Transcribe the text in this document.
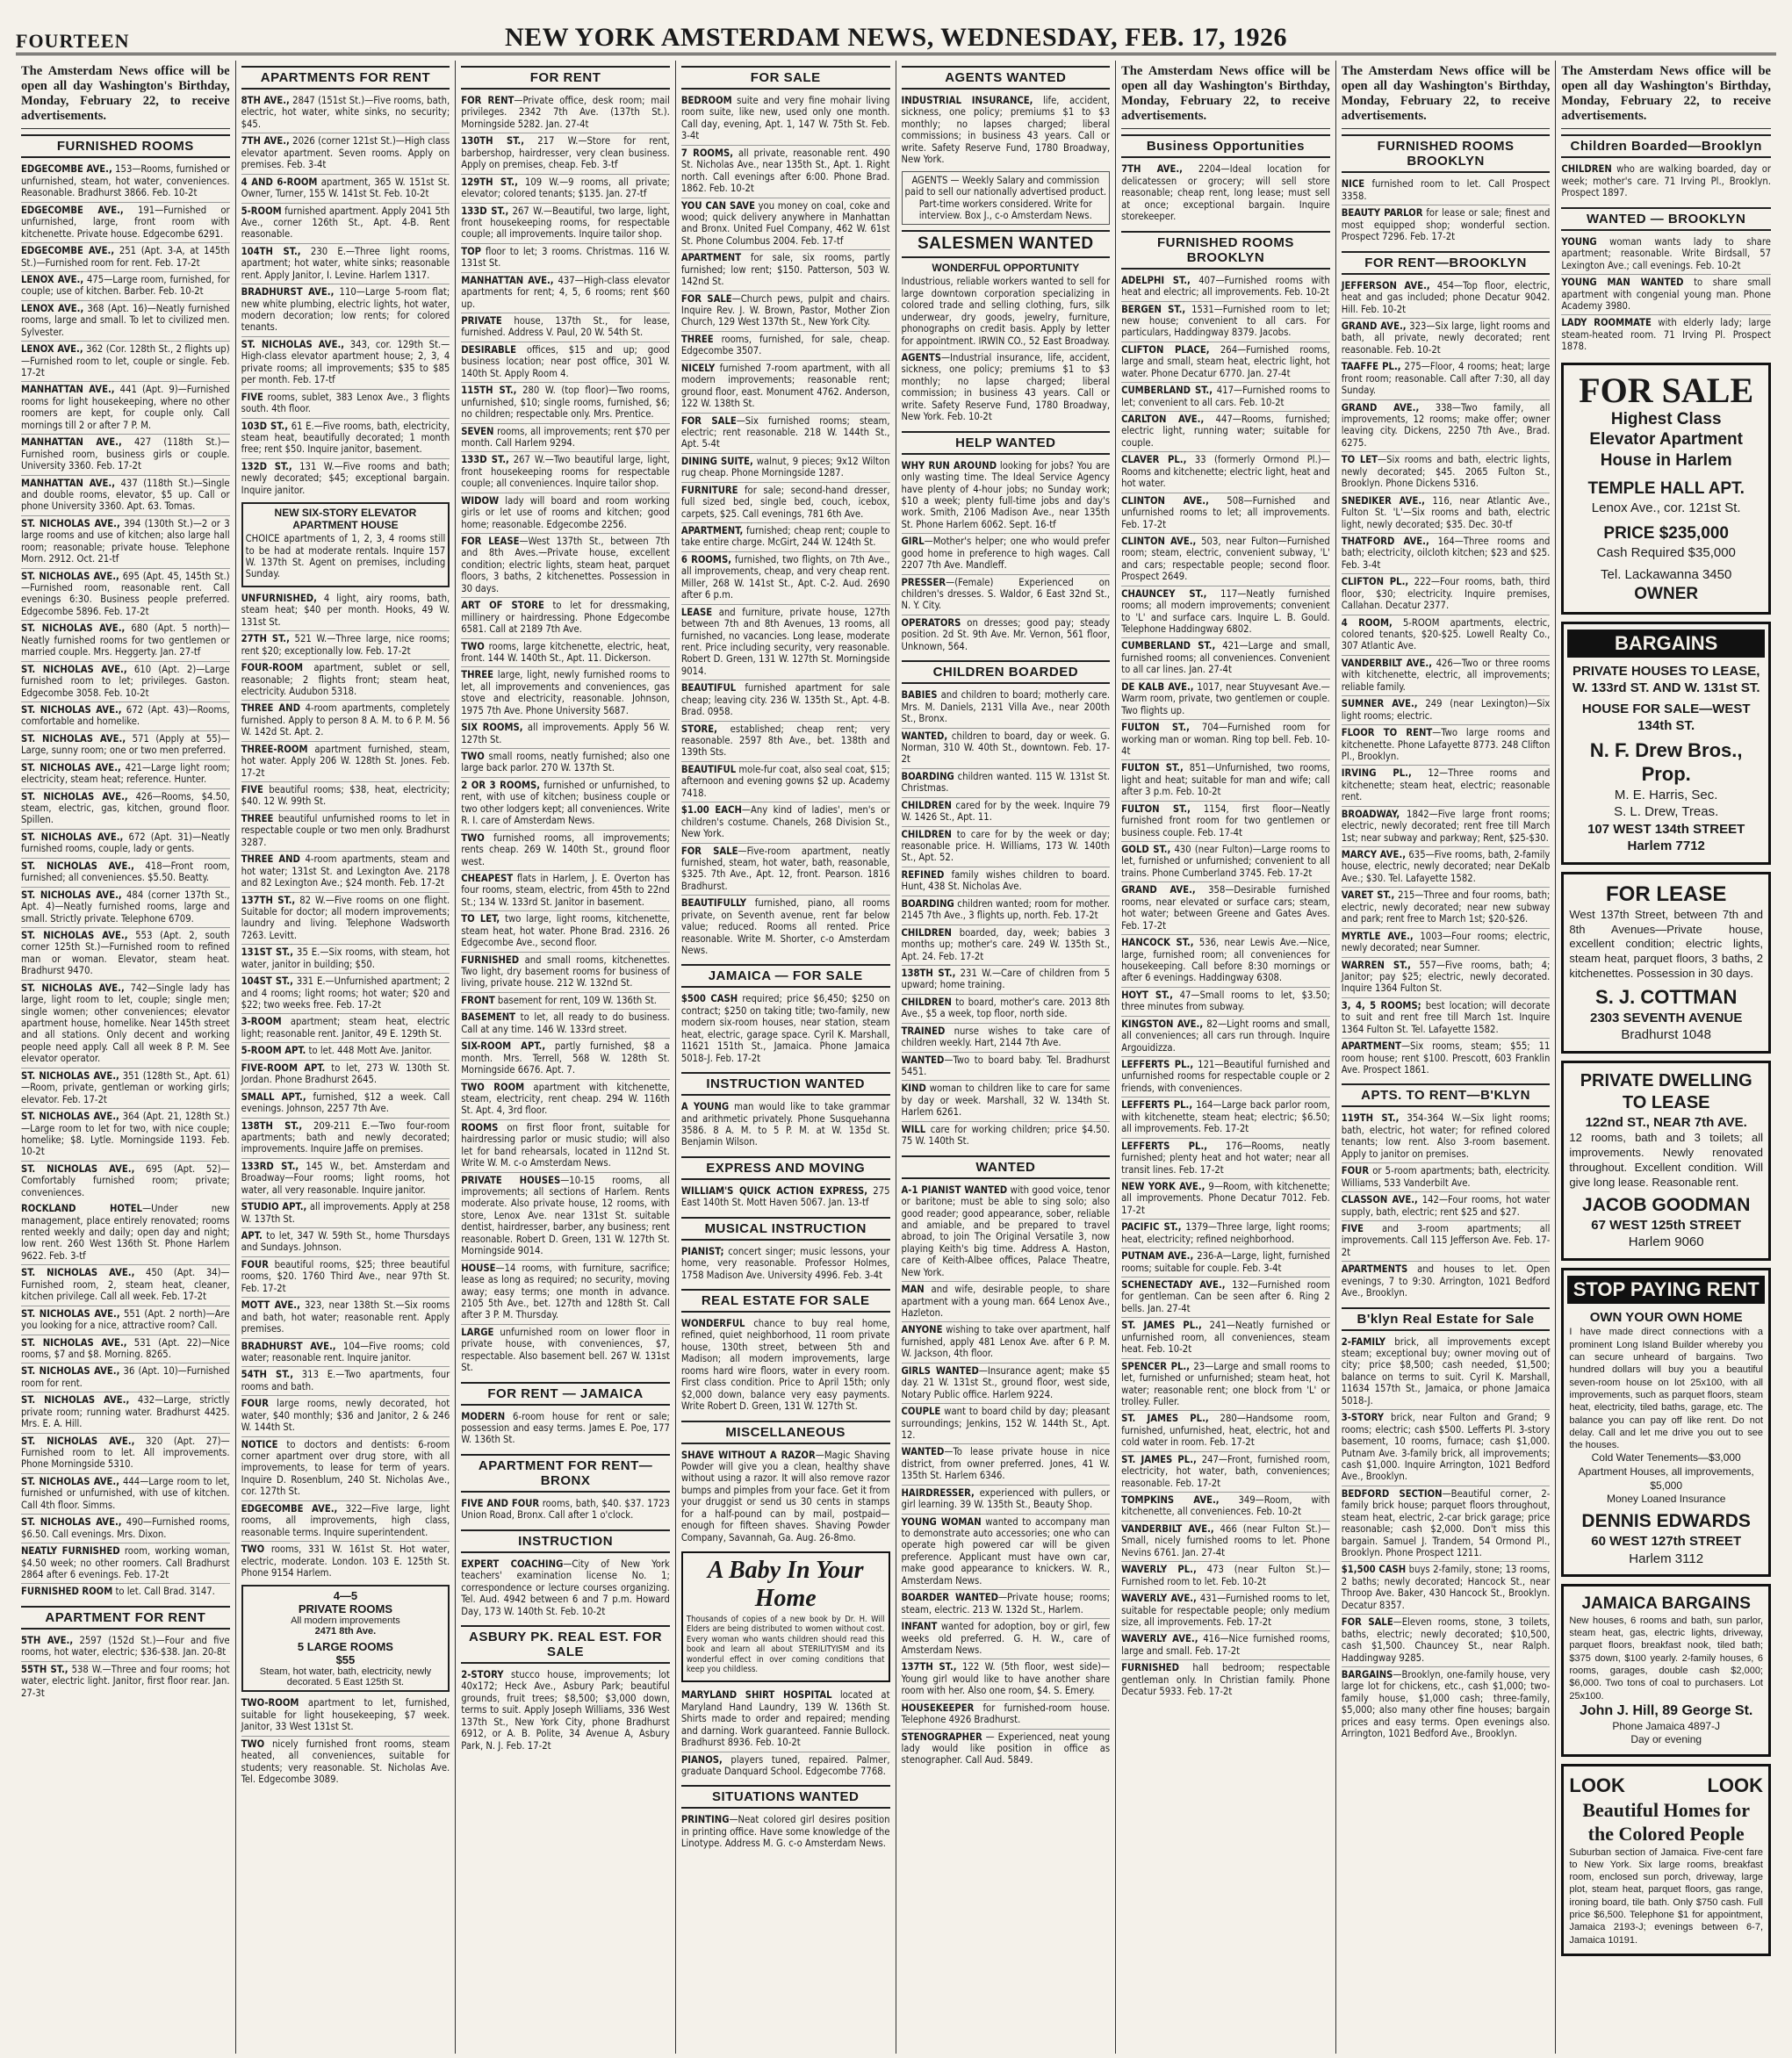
FOURTEEN	NEW YORK AMSTERDAM NEWS, WEDNESDAY, FEB. 17, 1926
The Amsterdam News office will be open all day Washington's Birthday, Monday, February 22, to receive advertisements.
FURNISHED ROOMS

EDGECOMBE AVE., 153—Rooms, furnished or unfurnished, steam, hot water, conveniences. Reasonable. Bradhurst 3866. Feb. 10-2t

EDGECOMBE AVE., 191—Furnished or unfurnished, large, front room with kitchenette. Private house. Edgecombe 6291.

EDGECOMBE AVE., 251 (Apt. 3-A, at 145th St.)—Furnished room for rent. Feb. 17-2t

LENOX AVE., 475—Large room, furnished, for couple; use of kitchen. Barber. Feb. 10-2t

LENOX AVE., 368 (Apt. 16)—Neatly furnished rooms, large and small. To let to civilized men. Sylvester.

LENOX AVE., 362 (Cor. 128th St., 2 flights up)—Furnished room to let, couple or single. Feb. 17-2t

MANHATTAN AVE., 441 (Apt. 9)—Furnished rooms for light housekeeping, where no other roomers are kept, for couple only. Call mornings till 2 or after 7 P. M.

MANHATTAN AVE., 427 (118th St.)—Furnished room, business girls or couple. University 3360. Feb. 17-2t

MANHATTAN AVE., 437 (118th St.)—Single and double rooms, elevator, $5 up. Call or phone University 3360. Apt. 63. Tomas.

ST. NICHOLAS AVE., 394 (130th St.)—2 or 3 large rooms and use of kitchen; also large hall room; reasonable; private house. Telephone Morn. 2912. Oct. 21-tf

ST. NICHOLAS AVE., 695 (Apt. 45, 145th St.)—Furnished room, reasonable rent. Call evenings 6:30. Business people preferred. Edgecombe 5896. Feb. 17-2t

ST. NICHOLAS AVE., 680 (Apt. 5 north)—Neatly furnished rooms for two gentlemen or married couple. Mrs. Heggerty. Jan. 27-tf

ST. NICHOLAS AVE., 610 (Apt. 2)—Large furnished room to let; privileges. Gaston. Edgecombe 3058. Feb. 10-2t

ST. NICHOLAS AVE., 672 (Apt. 43)—Rooms, comfortable and homelike.

ST. NICHOLAS AVE., 571 (Apply at 55)—Large, sunny room; one or two men preferred.

ST. NICHOLAS AVE., 421—Large light room; electricity, steam heat; reference. Hunter.

ST. NICHOLAS AVE., 426—Rooms, $4.50, steam, electric, gas, kitchen, ground floor. Spillen.

ST. NICHOLAS AVE., 672 (Apt. 31)—Neatly furnished rooms, couple, lady or gents.

ST. NICHOLAS AVE., 418—Front room, furnished; all conveniences. $5.50. Beatty.

ST. NICHOLAS AVE., 484 (corner 137th St., Apt. 4)—Neatly furnished rooms, large and small. Strictly private. Telephone 6709.

ST. NICHOLAS AVE., 553 (Apt. 2, south corner 125th St.)—Furnished room to refined man or woman. Elevator, steam heat. Bradhurst 9470.

ST. NICHOLAS AVE., 742—Single lady has large, light room to let, couple; single men; single women; other conveniences; elevator apartment house, homelike. Near 145th street and all stations. Only decent and working people need apply. Call all week 8 P. M. See elevator operator.

ST. NICHOLAS AVE., 351 (128th St., Apt. 61)—Room, private, gentleman or working girls; elevator. Feb. 17-2t

ST. NICHOLAS AVE., 364 (Apt. 21, 128th St.)—Large room to let for two, with nice couple; homelike; $8. Lytle. Morningside 1193. Feb. 10-2t

ST. NICHOLAS AVE., 695 (Apt. 52)—Comfortably furnished room; private; conveniences.

ROCKLAND HOTEL—Under new management, place entirely renovated; rooms rented weekly and daily; open day and night; low rent. 260 West 136th St. Phone Harlem 9622. Feb. 3-tf

ST. NICHOLAS AVE., 450 (Apt. 34)—Furnished room, 2, steam heat, cleaner, kitchen privilege. Call all week. Feb. 17-2t

ST. NICHOLAS AVE., 551 (Apt. 2 north)—Are you looking for a nice, attractive room? Call.

ST. NICHOLAS AVE., 531 (Apt. 22)—Nice rooms, $7 and $8. Morning. 8265.

ST. NICHOLAS AVE., 36 (Apt. 10)—Furnished room for rent.

ST. NICHOLAS AVE., 432—Large, strictly private room; running water. Bradhurst 4425. Mrs. E. A. Hill.

ST. NICHOLAS AVE., 320 (Apt. 27)—Furnished room to let. All improvements. Phone Morningside 5310.

ST. NICHOLAS AVE., 444—Large room to let, furnished or unfurnished, with use of kitchen. Call 4th floor. Simms.

ST. NICHOLAS AVE., 490—Furnished rooms, $6.50. Call evenings. Mrs. Dixon.

NEATLY FURNISHED room, working woman, $4.50 week; no other roomers. Call Bradhurst 2864 after 6 evenings. Feb. 17-2t

FURNISHED ROOM to let. Call Brad. 3147.

APARTMENT FOR RENT

5TH AVE., 2597 (152d St.)—Four and five rooms, hot water, electric; $36-$38. Jan. 20-8t

55TH ST., 538 W.—Three and four rooms; hot water, electric light. Janitor, first floor rear. Jan. 27-3t

APARTMENTS FOR RENT

8TH AVE., 2847 (151st St.)—Five rooms, bath, electric, hot water, white sinks, no security; $45.

7TH AVE., 2026 (corner 121st St.)—High class elevator apartment. Seven rooms. Apply on premises. Feb. 3-4t

4 AND 6-ROOM apartment, 365 W. 151st St. Owner, Turner, 155 W. 141st St. Feb. 10-2t

5-ROOM furnished apartment. Apply 2041 5th Ave., corner 126th St., Apt. 4-B. Rent reasonable.

104TH ST., 230 E.—Three light rooms, apartment; hot water, white sinks; reasonable rent. Apply Janitor, I. Levine. Harlem 1317.

BRADHURST AVE., 110—Large 5-room flat; new white plumbing, electric lights, hot water, modern decoration; low rents; for colored tenants.

ST. NICHOLAS AVE., 343, cor. 129th St.—High-class elevator apartment house; 2, 3, 4 private rooms; all improvements; $35 to $85 per month. Feb. 17-tf

FIVE rooms, sublet, 383 Lenox Ave., 3 flights south. 4th floor.

103D ST., 61 E.—Five rooms, bath, electricity, steam heat, beautifully decorated; 1 month free; rent $50. Inquire janitor, basement.

132D ST., 131 W.—Five rooms and bath; newly decorated; $45; exceptional bargain. Inquire janitor.

NEW SIX-STORY ELEVATOR APARTMENT HOUSE
CHOICE apartments of 1, 2, 3, 4 rooms still to be had at moderate rentals. Inquire 157 W. 137th St. Agent on premises, including Sunday.

UNFURNISHED, 4 light, airy rooms, bath, steam heat; $40 per month. Hooks, 49 W. 131st St.

27TH ST., 521 W.—Three large, nice rooms; rent $20; exceptionally low. Feb. 17-2t

FOUR-ROOM apartment, sublet or sell, reasonable; 2 flights front; steam heat, electricity. Audubon 5318.

THREE AND 4-room apartments, completely furnished. Apply to person 8 A. M. to 6 P. M. 56 W. 142d St. Apt. 2.

THREE-ROOM apartment furnished, steam, hot water. Apply 206 W. 128th St. Jones. Feb. 17-2t

FIVE beautiful rooms; $38, heat, electricity; $40. 12 W. 99th St.

THREE beautiful unfurnished rooms to let in respectable couple or two men only. Bradhurst 3287.

THREE AND 4-room apartments, steam and hot water; 131st St. and Lexington Ave. 2178 and 82 Lexington Ave.; $24 month. Feb. 17-2t

137TH ST., 82 W.—Five rooms on one flight. Suitable for doctor; all modern improvements; laundry and living. Telephone Wadsworth 7263. Levitt.

131ST ST., 35 E.—Six rooms, with steam, hot water, janitor in building; $50.

104ST ST., 331 E.—Unfurnished apartment; 2 and 4 rooms; light rooms; hot water; $20 and $22; two weeks free. Feb. 17-2t

3-ROOM apartment; steam heat, electric light; reasonable rent. Janitor, 49 E. 129th St.

5-ROOM APT. to let. 448 Mott Ave. Janitor.

FIVE-ROOM APT. to let, 273 W. 130th St. Jordan. Phone Bradhurst 2645.

SMALL APT., furnished, $12 a week. Call evenings. Johnson, 2257 7th Ave.

138TH ST., 209-211 E.—Two four-room apartments; bath and newly decorated; improvements. Inquire Jaffe on premises.

133RD ST., 145 W., bet. Amsterdam and Broadway—Four rooms; light rooms, hot water, all very reasonable. Inquire janitor.

STUDIO APT., all improvements. Apply at 258 W. 137th St.

APT. to let, 347 W. 59th St., home Thursdays and Sundays. Johnson.

FOUR beautiful rooms, $25; three beautiful rooms, $20. 1760 Third Ave., near 97th St. Feb. 17-2t

MOTT AVE., 323, near 138th St.—Six rooms and bath, hot water; reasonable rent. Apply premises.

BRADHURST AVE., 104—Five rooms; cold water; reasonable rent. Inquire janitor.

54TH ST., 313 E.—Two apartments, four rooms and bath.

FOUR large rooms, newly decorated, hot water, $40 monthly; $36 and Janitor, 2 & 246 W. 144th St.

NOTICE to doctors and dentists: 6-room corner apartment over drug store, with all improvements, to lease for term of years. Inquire D. Rosenblum, 240 St. Nicholas Ave., cor. 127th St.

EDGECOMBE AVE., 322—Five large, light rooms, all improvements, high class, reasonable terms. Inquire superintendent.

TWO rooms, 331 W. 161st St. Hot water, electric, moderate. London. 103 E. 125th St. Phone 9154 Harlem.

4—5
PRIVATE ROOMS
All modern improvements
2471 8th Ave.
5 LARGE ROOMS
$55
Steam, hot water, bath, electricity, newly decorated. 5 East 125th St.

TWO-ROOM apartment to let, furnished, suitable for light housekeeping, $7 week. Janitor, 33 West 131st St.

TWO nicely furnished front rooms, steam heated, all conveniences, suitable for students; very reasonable. St. Nicholas Ave. Tel. Edgecombe 3089.

FOR RENT

FOR RENT—Private office, desk room; mail privileges. 2342 7th Ave. (137th St.). Morningside 5282. Jan. 27-4t

130TH ST., 217 W.—Store for rent, barbershop, hairdresser, very clean business. Apply on premises, cheap. Feb. 3-tf

129TH ST., 109 W.—9 rooms, all private; elevator; colored tenants; $135. Jan. 27-tf

133D ST., 267 W.—Beautiful, two large, light, front housekeeping rooms, for respectable couple; all improvements. Inquire tailor shop.

TOP floor to let; 3 rooms. Christmas. 116 W. 131st St.

MANHATTAN AVE., 437—High-class elevator apartments for rent; 4, 5, 6 rooms; rent $60 up.

PRIVATE house, 137th St., for lease, furnished. Address V. Paul, 20 W. 54th St.

DESIRABLE offices, $15 and up; good business location; near post office, 301 W. 140th St. Apply Room 4.

115TH ST., 280 W. (top floor)—Two rooms, unfurnished, $10; single rooms, furnished, $6; no children; respectable only. Mrs. Prentice.

SEVEN rooms, all improvements; rent $70 per month. Call Harlem 9294.

133D ST., 267 W.—Two beautiful large, light, front housekeeping rooms for respectable couple; all conveniences. Inquire tailor shop.

WIDOW lady will board and room working girls or let use of rooms and kitchen; good home; reasonable. Edgecombe 2256.

FOR LEASE—West 137th St., between 7th and 8th Aves.—Private house, excellent condition; electric lights, steam heat, parquet floors, 3 baths, 2 kitchenettes. Possession in 30 days.

ART OF STORE to let for dressmaking, millinery or hairdressing. Phone Edgecombe 6581. Call at 2189 7th Ave.

TWO rooms, large kitchenette, electric, heat, front. 144 W. 140th St., Apt. 11. Dickerson.

THREE large, light, newly furnished rooms to let, all improvements and conveniences, gas stove and electricity, reasonable. Johnson, 1975 7th Ave. Phone University 5687.

SIX ROOMS, all improvements. Apply 56 W. 127th St.

TWO small rooms, neatly furnished; also one large back parlor. 270 W. 137th St.

2 OR 3 ROOMS, furnished or unfurnished, to rent, with use of kitchen; business couple or two other lodgers kept; all conveniences. Write R. I. care of Amsterdam News.

TWO furnished rooms, all improvements; rents cheap. 269 W. 140th St., ground floor west.

CHEAPEST flats in Harlem, J. E. Overton has four rooms, steam, electric, from 45th to 22nd St.; 134 W. 133rd St. Janitor in basement.

TO LET, two large, light rooms, kitchenette, steam heat, hot water. Phone Brad. 2316. 26 Edgecombe Ave., second floor.

FURNISHED and small rooms, kitchenettes. Two light, dry basement rooms for business of living, private house. 212 W. 132nd St.

FRONT basement for rent, 109 W. 136th St.

BASEMENT to let, all ready to do business. Call at any time. 146 W. 133rd street.

SIX-ROOM APT., partly furnished, $8 a month. Mrs. Terrell, 568 W. 128th St. Morningside 6676. Apt. 7.

TWO ROOM apartment with kitchenette, steam, electricity, rent cheap. 294 W. 116th St. Apt. 4, 3rd floor.

ROOMS on first floor front, suitable for hairdressing parlor or music studio; will also let for band rehearsals, located in 112nd St. Write W. M. c-o Amsterdam News.

PRIVATE HOUSES—10-15 rooms, all improvements; all sections of Harlem. Rents moderate. Also private house, 12 rooms, with store, Lenox Ave. near 131st St. suitable dentist, hairdresser, barber, any business; rent reasonable. Robert D. Green, 131 W. 127th St. Morningside 9014.

HOUSE—14 rooms, with furniture, sacrifice; lease as long as required; no security, moving away; easy terms; one month in advance. 2105 5th Ave., bet. 127th and 128th St. Call after 3 P. M. Thursday.

LARGE unfurnished room on lower floor in private house, with conveniences, $7, respectable. Also basement bell. 267 W. 131st St.

FOR RENT — JAMAICA

MODERN 6-room house for rent or sale; possession and easy terms. James E. Poe, 177 W. 136th St.

APARTMENT FOR RENT—BRONX

FIVE AND FOUR rooms, bath, $40. $37. 1723 Union Road, Bronx. Call after 1 o'clock.

INSTRUCTION

EXPERT COACHING—City of New York teachers' examination license No. 1; correspondence or lecture courses organizing. Tel. Aud. 4942 between 6 and 7 p.m. Howard Day, 173 W. 140th St. Feb. 10-2t

ASBURY PK. REAL EST. FOR SALE

2-STORY stucco house, improvements; lot 40x172; Heck Ave., Asbury Park; beautiful grounds, fruit trees; $8,500; $3,000 down, terms to suit. Apply Joseph Williams, 336 West 137th St., New York City, phone Bradhurst 6912, or A. B. Polite, 34 Avenue A, Asbury Park, N. J. Feb. 17-2t

FOR SALE

BEDROOM suite and very fine mohair living room suite, like new, used only one month. Call day, evening, Apt. 1, 147 W. 75th St. Feb. 3-4t

7 ROOMS, all private, reasonable rent. 490 St. Nicholas Ave., near 135th St., Apt. 1. Right north. Call evenings after 6:00. Phone Brad. 1862. Feb. 10-2t

YOU CAN SAVE you money on coal, coke and wood; quick delivery anywhere in Manhattan and Bronx. United Fuel Company, 462 W. 61st St. Phone Columbus 2004. Feb. 17-tf

APARTMENT for sale, six rooms, partly furnished; low rent; $150. Patterson, 503 W. 142nd St.

FOR SALE—Church pews, pulpit and chairs. Inquire Rev. J. W. Brown, Pastor, Mother Zion Church, 129 West 137th St., New York City.

THREE rooms, furnished, for sale, cheap. Edgecombe 3507.

NICELY furnished 7-room apartment, with all modern improvements; reasonable rent; ground floor, east. Monument 4762. Anderson, 122 W. 138th St.

FOR SALE—Six furnished rooms; steam, electric; rent reasonable. 218 W. 144th St., Apt. 5-4t

DINING SUITE, walnut, 9 pieces; 9x12 Wilton rug cheap. Phone Morningside 1287.

FURNITURE for sale; second-hand dresser, full sized bed, single bed, couch, icebox, carpets, $25. Call evenings, 781 6th Ave.

APARTMENT, furnished; cheap rent; couple to take entire charge. McGirt, 244 W. 124th St.

6 ROOMS, furnished, two flights, on 7th Ave., all improvements, cheap, and very cheap rent. Miller, 268 W. 141st St., Apt. C-2. Aud. 2690 after 6 p.m.

LEASE and furniture, private house, 127th between 7th and 8th Avenues, 13 rooms, all furnished, no vacancies. Long lease, moderate rent. Price including security, very reasonable. Robert D. Green, 131 W. 127th St. Morningside 9014.

BEAUTIFUL furnished apartment for sale cheap; leaving city. 236 W. 135th St., Apt. 4-B. Brad. 0958.

STORE, established; cheap rent; very reasonable. 2597 8th Ave., bet. 138th and 139th Sts.

BEAUTIFUL mole-fur coat, also seal coat, $15; afternoon and evening gowns $2 up. Academy 7418.

$1.00 EACH—Any kind of ladies', men's or children's costume. Chanels, 268 Division St., New York.

FOR SALE—Five-room apartment, neatly furnished, steam, hot water, bath, reasonable, $325. 7th Ave., Apt. 12, front. Pearson. 1816 Bradhurst.

BEAUTIFULLY furnished, piano, all rooms private, on Seventh avenue, rent far below value; reduced. Rooms all rented. Price reasonable. Write M. Shorter, c-o Amsterdam News.

JAMAICA — FOR SALE

$500 CASH required; price $6,450; $250 on contract; $250 on taking title; two-family, new modern six-room houses, near station, steam heat, electric, garage space. Cyril K. Marshall, 11621 151th St., Jamaica. Phone Jamaica 5018-J. Feb. 17-2t

INSTRUCTION WANTED

A YOUNG man would like to take grammar and arithmetic privately. Phone Susquehanna 3586. 8 A. M. to 5 P. M. at W. 135d St. Benjamin Wilson.

EXPRESS AND MOVING

WILLIAM'S QUICK ACTION EXPRESS, 275 East 140th St. Mott Haven 5067. Jan. 13-tf

MUSICAL INSTRUCTION

PIANIST; concert singer; music lessons, your home, very reasonable. Professor Holmes, 1758 Madison Ave. University 4996. Feb. 3-4t

REAL ESTATE FOR SALE

WONDERFUL chance to buy real home, refined, quiet neighborhood, 11 room private house, 130th street, between 5th and Madison; all modern improvements, large rooms hard wire floors, water in every room. First class condition. Price to April 15th; only $2,000 down, balance very easy payments. Write Robert D. Green, 131 W. 127th St.

MISCELLANEOUS

SHAVE WITHOUT A RAZOR—Magic Shaving Powder will give you a clean, healthy shave without using a razor. It will also remove razor bumps and pimples from your face. Get it from your druggist or send us 30 cents in stamps for a half-pound can by mail, postpaid—enough for fifteen shaves. Shaving Powder Company, Savannah, Ga. Aug. 26-8mo.

A Baby In Your Home
Thousands of copies of a new book by Dr. H. Will Elders are being distributed to women without cost. Every woman who wants children should read this book and learn all about STERILITYISM and its wonderful effect in over coming conditions that keep you childless.

MARYLAND SHIRT HOSPITAL located at Maryland Hand Laundry, 139 W. 136th St. Shirts made to order and repaired; mending and darning. Work guaranteed. Fannie Bullock. Bradhurst 8936. Feb. 10-2t

PIANOS, players tuned, repaired. Palmer, graduate Danquard School. Edgecombe 7768.

SITUATIONS WANTED

PRINTING—Neat colored girl desires position in printing office. Have some knowledge of the Linotype. Address M. G. c-o Amsterdam News.

AGENTS WANTED

INDUSTRIAL INSURANCE, life, accident, sickness, one policy; premiums $1 to $3 monthly; no lapses charged; liberal commissions; in business 43 years. Call or write. Safety Reserve Fund, 1780 Broadway, New York.

AGENTS — Weekly Salary and commission paid to sell our nationally advertised product. Part-time workers considered. Write for interview. Box J., c-o Amsterdam News.
SALESMEN WANTED
WONDERFUL OPPORTUNITY

Industrious, reliable workers wanted to sell for large downtown corporation specializing in colored trade and selling clothing, furs, silk underwear, dry goods, jewelry, furniture, phonographs on credit basis. Apply by letter for appointment. IRWIN CO., 52 East Broadway.

AGENTS—Industrial insurance, life, accident, sickness, one policy; premiums $1 to $3 monthly; no lapse charged; liberal commission; in business 43 years. Call or write. Safety Reserve Fund, 1780 Broadway, New York. Feb. 10-2t

HELP WANTED

WHY RUN AROUND looking for jobs? You are only wasting time. The Ideal Service Agency have plenty of 4-hour jobs; no Sunday work; $10 a week; plenty full-time jobs and day's work. Smith, 2106 Madison Ave., near 135th St. Phone Harlem 6062. Sept. 16-tf

GIRL—Mother's helper; one who would prefer good home in preference to high wages. Call 2207 7th Ave. Mandleff.

PRESSER—(Female) Experienced on children's dresses. S. Waldor, 6 East 32nd St., N. Y. City.

OPERATORS on dresses; good pay; steady position. 2d St. 9th Ave. Mr. Vernon, 561 floor, Unknown, 564.

CHILDREN BOARDED

BABIES and children to board; motherly care. Mrs. M. Daniels, 2131 Villa Ave., near 200th St., Bronx.

WANTED, children to board, day or week. G. Norman, 310 W. 40th St., downtown. Feb. 17-2t

BOARDING children wanted. 115 W. 131st St. Christmas.

CHILDREN cared for by the week. Inquire 79 W. 1426 St., Apt. 11.

CHILDREN to care for by the week or day; reasonable price. H. Williams, 173 W. 140th St., Apt. 52.

REFINED family wishes children to board. Hunt, 438 St. Nicholas Ave.

BOARDING children wanted; room for mother. 2145 7th Ave., 3 flights up, north. Feb. 17-2t

CHILDREN boarded, day, week; babies 3 months up; mother's care. 249 W. 135th St., Apt. 24. Feb. 17-2t

138TH ST., 231 W.—Care of children from 5 upward; home training.

CHILDREN to board, mother's care. 2013 8th Ave., $5 a week, top floor, north side.

TRAINED nurse wishes to take care of children weekly. Hart, 2144 7th Ave.

WANTED—Two to board baby. Tel. Bradhurst 5451.

KIND woman to children like to care for same by day or week. Marshall, 32 W. 134th St. Harlem 6261.

WILL care for working children; price $4.50. 75 W. 140th St.

WANTED

A-1 PIANIST WANTED with good voice, tenor or baritone; must be able to sing solo; also good reader; good appearance, sober, reliable and amiable, and be prepared to travel abroad, to join The Original Versatile 3, now playing Keith's big time. Address A. Haston, care of Keith-Albee offices, Palace Theatre, New York.

MAN and wife, desirable people, to share apartment with a young man. 664 Lenox Ave., Hazleton.

ANYONE wishing to take over apartment, half furnished, apply 481 Lenox Ave. after 6 P. M. W. Jackson, 4th floor.

GIRLS WANTED—Insurance agent; make $5 day. 21 W. 131st St., ground floor, west side, Notary Public office. Harlem 9224.

COUPLE want to board child by day; pleasant surroundings; Jenkins, 152 W. 144th St., Apt. 12.

WANTED—To lease private house in nice district, from owner preferred. Jones, 41 W. 135th St. Harlem 6346.

HAIRDRESSER, experienced with pullers, or girl learning. 39 W. 135th St., Beauty Shop.

YOUNG WOMAN wanted to accompany man to demonstrate auto accessories; one who can operate high powered car will be given preference. Applicant must have own car, make good appearance to knickers. W. R., Amsterdam News.

BOARDER WANTED—Private house; rooms; steam, electric. 213 W. 132d St., Harlem.

INFANT wanted for adoption, boy or girl, few weeks old preferred. G. H. W., care of Amsterdam News.

137TH ST., 122 W. (5th floor, west side)—Young girl would like to have another share room with her. Also one room, $4. S. Emery.

HOUSEKEEPER for furnished-room house. Telephone 4926 Bradhurst.

STENOGRAPHER — Experienced, neat young lady would like position in office as stenographer. Call Aud. 5849.

The Amsterdam News office will be open all day Washington's Birthday, Monday, February 22, to receive advertisements.
Business Opportunities

7TH AVE., 2204—Ideal location for delicatessen or grocery; will sell store reasonable; cheap rent, long lease; must sell at once; exceptional bargain. Inquire storekeeper.

FURNISHED ROOMS BROOKLYN

ADELPHI ST., 407—Furnished rooms with heat and electric; all improvements. Feb. 10-2t

BERGEN ST., 1531—Furnished room to let; new house; convenient to all cars. For particulars, Haddingway 8379. Jacobs.

CLIFTON PLACE, 264—Furnished rooms, large and small, steam heat, electric light, hot water. Phone Decatur 6770. Jan. 27-4t

CUMBERLAND ST., 417—Furnished rooms to let; convenient to all cars. Feb. 10-2t

CARLTON AVE., 447—Rooms, furnished; electric light, running water; suitable for couple.

CLAVER PL., 33 (formerly Ormond Pl.)—Rooms and kitchenette; electric light, heat and hot water.

CLINTON AVE., 508—Furnished and unfurnished rooms to let; all improvements. Feb. 17-2t

CLINTON AVE., 503, near Fulton—Furnished room; steam, electric, convenient subway, 'L' and cars; respectable people; second floor. Prospect 2649.

CHAUNCEY ST., 117—Neatly furnished rooms; all modern improvements; convenient to 'L' and surface cars. Inquire L. B. Gould. Telephone Haddingway 6802.

CUMBERLAND ST., 421—Large and small, furnished rooms; all conveniences. Convenient to all car lines. Jan. 27-4t

DE KALB AVE., 1017, near Stuyvesant Ave.—Warm room, private, two gentlemen or couple. Two flights up.

FULTON ST., 704—Furnished room for working man or woman. Ring top bell. Feb. 10-4t

FULTON ST., 851—Unfurnished, two rooms, light and heat; suitable for man and wife; call after 3 p.m. Feb. 10-2t

FULTON ST., 1154, first floor—Neatly furnished front room for two gentlemen or business couple. Feb. 17-4t

GOLD ST., 430 (near Fulton)—Large rooms to let, furnished or unfurnished; convenient to all trains. Phone Cumberland 3745. Feb. 17-2t

GRAND AVE., 358—Desirable furnished rooms, near elevated or surface cars; steam, hot water; between Greene and Gates Aves. Feb. 17-2t

HANCOCK ST., 536, near Lewis Ave.—Nice, large, furnished room; all conveniences for housekeeping. Call before 8:30 mornings or after 6 evenings. Haddingway 6308.

HOYT ST., 47—Small rooms to let, $3.50; three minutes from subway.

KINGSTON AVE., 82—Light rooms and small, all conveniences; all cars run through. Inquire Argouidizza.

LEFFERTS PL., 121—Beautiful furnished and unfurnished rooms for respectable couple or 2 friends, with conveniences.

LEFFERTS PL., 164—Large back parlor room, with kitchenette, steam heat; electric; $6.50; all improvements. Feb. 17-2t

LEFFERTS PL., 176—Rooms, neatly furnished; plenty heat and hot water; near all transit lines. Feb. 17-2t

NEW YORK AVE., 9—Room, with kitchenette; all improvements. Phone Decatur 7012. Feb. 17-2t

PACIFIC ST., 1379—Three large, light rooms; heat, electricity; refined neighborhood.

PUTNAM AVE., 236-A—Large, light, furnished rooms; suitable for couple. Feb. 3-4t

SCHENECTADY AVE., 132—Furnished room for gentleman. Can be seen after 6. Ring 2 bells. Jan. 27-4t

ST. JAMES PL., 241—Neatly furnished or unfurnished room, all conveniences, steam heat. Feb. 10-2t

SPENCER PL., 23—Large and small rooms to let, furnished or unfurnished; steam heat, hot water; reasonable rent; one block from 'L' or trolley. Fuller.

ST. JAMES PL., 280—Handsome room, furnished, unfurnished, heat, electric, hot and cold water in room. Feb. 17-2t

ST. JAMES PL., 247—Front, furnished room, electricity, hot water, bath, conveniences; reasonable. Feb. 17-2t

TOMPKINS AVE., 349—Room, with kitchenette, all conveniences. Feb. 10-2t

VANDERBILT AVE., 466 (near Fulton St.)—Small, nicely furnished rooms to let. Phone Nevins 6761. Jan. 27-4t

WAVERLY PL., 473 (near Fulton St.)—Furnished room to let. Feb. 10-2t

WAVERLY AVE., 431—Furnished rooms to let, suitable for respectable people; only medium size, all improvements. Feb. 17-2t

WAVERLY AVE., 416—Nice furnished rooms, large and small. Feb. 17-2t

FURNISHED hall bedroom; respectable gentleman only. In Christian family. Phone Decatur 5933. Feb. 17-2t

The Amsterdam News office will be open all day Washington's Birthday, Monday, February 22, to receive advertisements.
FURNISHED ROOMS BROOKLYN

NICE furnished room to let. Call Prospect 3358.

BEAUTY PARLOR for lease or sale; finest and most equipped shop; wonderful section. Prospect 7296. Feb. 17-2t

FOR RENT—BROOKLYN

JEFFERSON AVE., 454—Top floor, electric, heat and gas included; phone Decatur 9042. Hill. Feb. 10-2t

GRAND AVE., 323—Six large, light rooms and bath, all private, newly decorated; rent reasonable. Feb. 10-2t

TAAFFE PL., 275—Floor, 4 rooms; heat; large front room; reasonable. Call after 7:30, all day Sunday.

GRAND AVE., 338—Two family, all improvements, 12 rooms; make offer; owner leaving city. Dickens, 2250 7th Ave., Brad. 6275.

TO LET—Six rooms and bath, electric lights, newly decorated; $45. 2065 Fulton St., Brooklyn. Phone Dickens 5316.

SNEDIKER AVE., 116, near Atlantic Ave., Fulton St. 'L'—Six rooms and bath, electric light, newly decorated; $35. Dec. 30-tf

THATFORD AVE., 164—Three rooms and bath; electricity, oilcloth kitchen; $23 and $25. Feb. 3-4t

CLIFTON PL., 222—Four rooms, bath, third floor, $30; electricity. Inquire premises, Callahan. Decatur 2377.

4 ROOM, 5-ROOM apartments, electric, colored tenants, $20-$25. Lowell Realty Co., 307 Atlantic Ave.

VANDERBILT AVE., 426—Two or three rooms with kitchenette, electric, all improvements; reliable family.

SUMNER AVE., 249 (near Lexington)—Six light rooms; electric.

FLOOR TO RENT—Two large rooms and kitchenette. Phone Lafayette 8773. 248 Clifton Pl., Brooklyn.

IRVING PL., 12—Three rooms and kitchenette; steam heat, electric; reasonable rent.

BROADWAY, 1842—Five large front rooms; electric, newly decorated; rent free till March 1st; near subway and parkway; Rent, $25-$30.

MARCY AVE., 635—Five rooms, bath, 2-family house, electric, newly decorated; near DeKalb Ave.; $30. Tel. Lafayette 1582.

VARET ST., 215—Three and four rooms, bath; electric, newly decorated; near new subway and park; rent free to March 1st; $20-$26.

MYRTLE AVE., 1003—Four rooms; electric, newly decorated; near Sumner.

WARREN ST., 557—Five rooms, bath; 4; Janitor; pay $25; electric, newly decorated. Inquire 1364 Fulton St.

3, 4, 5 ROOMS; best location; will decorate to suit and rent free till March 1st. Inquire 1364 Fulton St. Tel. Lafayette 1582.

APARTMENT—Six rooms, steam; $55; 11 room house; rent $100. Prescott, 603 Franklin Ave. Prospect 1861.

APTS. TO RENT—B'KLYN

119TH ST., 354-364 W.—Six light rooms; bath, electric, hot water; for refined colored tenants; low rent. Also 3-room basement. Apply to janitor on premises.

FOUR or 5-room apartments; bath, electricity. Williams, 533 Vanderbilt Ave.

CLASSON AVE., 142—Four rooms, hot water supply, bath, electric; rent $25 and $27.

FIVE and 3-room apartments; all improvements. Call 115 Jefferson Ave. Feb. 17-2t

APARTMENTS and houses to let. Open evenings, 7 to 9:30. Arrington, 1021 Bedford Ave., Brooklyn.

B'klyn Real Estate for Sale

2-FAMILY brick, all improvements except steam; exceptional buy; owner moving out of city; price $8,500; cash needed, $1,500; balance on terms to suit. Cyril K. Marshall, 11634 157th St., Jamaica, or phone Jamaica 5018-J.

3-STORY brick, near Fulton and Grand; 9 rooms; electric; cash $500. Lefferts Pl. 3-story basement, 10 rooms, furnace; cash $1,000. Putnam Ave. 3-family brick, all improvements; cash $1,000. Inquire Arrington, 1021 Bedford Ave., Brooklyn.

BEDFORD SECTION—Beautiful corner, 2-family brick house; parquet floors throughout, steam heat, electric, 2-car brick garage; price reasonable; cash $2,000. Don't miss this bargain. Samuel J. Trandem, 54 Ormond Pl., Brooklyn. Phone Prospect 1211.

$1,500 CASH buys 2-family, stone; 13 rooms, 2 baths; newly decorated; Hancock St., near Throop Ave. Baker, 430 Hancock St., Brooklyn. Decatur 8357.

FOR SALE—Eleven rooms, stone, 3 toilets, baths, electric; newly decorated; $10,500, cash $1,500. Chauncey St., near Ralph. Haddingway 9285.

BARGAINS—Brooklyn, one-family house, very large lot for chickens, etc., cash $1,000; two-family house, $1,000 cash; three-family, $5,000; also many other fine houses; bargain prices and easy terms. Open evenings also. Arrington, 1021 Bedford Ave., Brooklyn.

The Amsterdam News office will be open all day Washington's Birthday, Monday, February 22, to receive advertisements.
Children Boarded—Brooklyn

CHILDREN who are walking boarded, day or week; mother's care. 71 Irving Pl., Brooklyn. Prospect 1897.

WANTED — BROOKLYN

YOUNG woman wants lady to share apartment; reasonable. Write Birdsall, 57 Lexington Ave.; call evenings. Feb. 10-2t

YOUNG MAN WANTED to share small apartment with congenial young man. Phone Academy 3980.

LADY ROOMMATE with elderly lady; large steam-heated room. 71 Irving Pl. Prospect 1878.

FOR SALE
Highest Class
Elevator Apartment
House in Harlem
TEMPLE HALL APT.
Lenox Ave., cor. 121st St.
PRICE $235,000
Cash Required $35,000
Tel. Lackawanna 3450
OWNER
BARGAINS
PRIVATE HOUSES TO LEASE, W. 133rd ST. AND W. 131st ST.
HOUSE FOR SALE—WEST 134th ST.
N. F. Drew Bros., Prop.
M. E. Harris, Sec.
S. L. Drew, Treas.
107 WEST 134th STREET
Harlem 7712
FOR LEASE
West 137th Street, between 7th and 8th Avenues—Private house, excellent condition; electric lights, steam heat, parquet floors, 3 baths, 2 kitchenettes. Possession in 30 days.
S. J. COTTMAN
2303 SEVENTH AVENUE
Bradhurst 1048
PRIVATE DWELLING TO LEASE
122nd ST., NEAR 7th AVE.
12 rooms, bath and 3 toilets; all improvements. Newly renovated throughout. Excellent condition. Will give long lease. Reasonable rent.
JACOB GOODMAN
67 WEST 125th STREET
Harlem 9060
STOP PAYING RENT
OWN YOUR OWN HOME
I have made direct connections with a prominent Long Island Builder whereby you can secure unheard of bargains. Two hundred dollars will buy you a beautiful seven-room house on lot 25x100, with all improvements, such as parquet floors, steam heat, electricity, tiled baths, garage, etc. The balance you can pay off like rent. Do not delay. Call and let me drive you out to see the houses.
Cold Water Tenements—$3,000
Apartment Houses, all improvements, $5,000
Money Loaned Insurance
DENNIS EDWARDS
60 WEST 127th STREET
Harlem 3112
JAMAICA BARGAINS
New houses, 6 rooms and bath, sun parlor, steam heat, gas, electric lights, driveway, parquet floors, breakfast nook, tiled bath; $375 down, $100 yearly. 2-family houses, 6 rooms, garages, double cash $2,000; $6,000. Two tons of coal to purchasers. Lot 25x100.
John J. Hill, 89 George St.
Phone Jamaica 4897-J
Day or evening
LOOK	LOOK
Beautiful Homes for the Colored People
Suburban section of Jamaica. Five-cent fare to New York. Six large rooms, breakfast room, enclosed sun porch, driveway, large plot, steam heat, parquet floors, gas range, ironing board, tile bath. Only $750 cash. Full price $6,500. Telephone $1 for appointment, Jamaica 2193-J; evenings between 6-7, Jamaica 10191.
